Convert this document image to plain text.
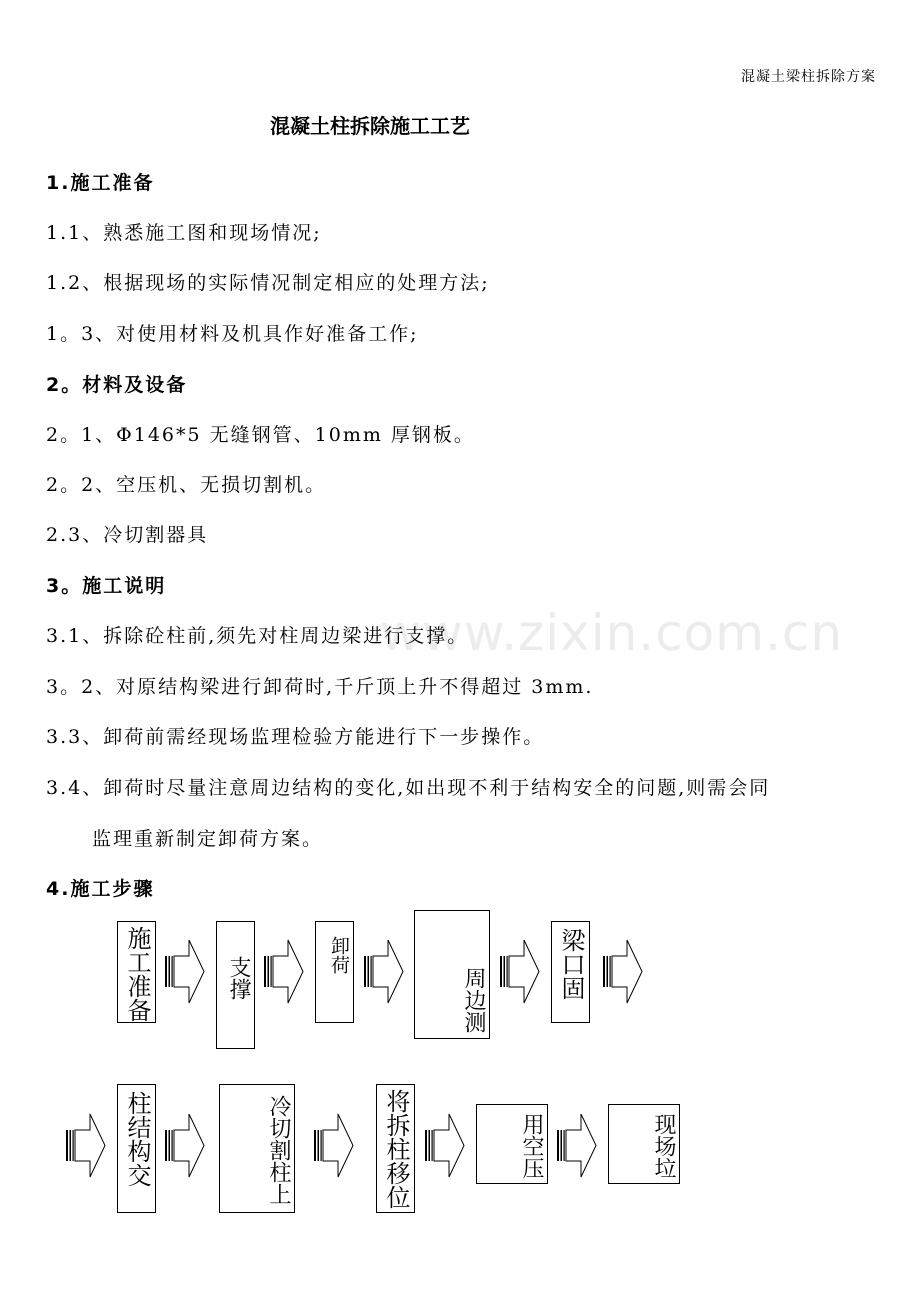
混凝土梁柱拆除方案
混凝土柱拆除施工工艺
www.zixin.com.cn
1.施工准备
1.1、熟悉施工图和现场情况;
1.2、根据现场的实际情况制定相应的处理方法;
1。3、对使用材料及机具作好准备工作;
2。材料及设备
2。1、Φ146*5 无缝钢管、10mm 厚钢板。
2。2、空压机、无损切割机。
2.3、冷切割器具
3。施工说明
3.1、拆除砼柱前,须先对柱周边梁进行支撑。
3。2、对原结构梁进行卸荷时,千斤顶上升不得超过 3mm.
3.3、卸荷前需经现场监理检验方能进行下一步操作。
3.4、卸荷时尽量注意周边结构的变化,如出现不利于结构安全的问题,则需会同
监理重新制定卸荷方案。
4.施工步骤
施工准备	支撑
卸荷
周边测	梁口固
柱结构交	冷切割柱上	将拆柱移位	用空压	现场垃
